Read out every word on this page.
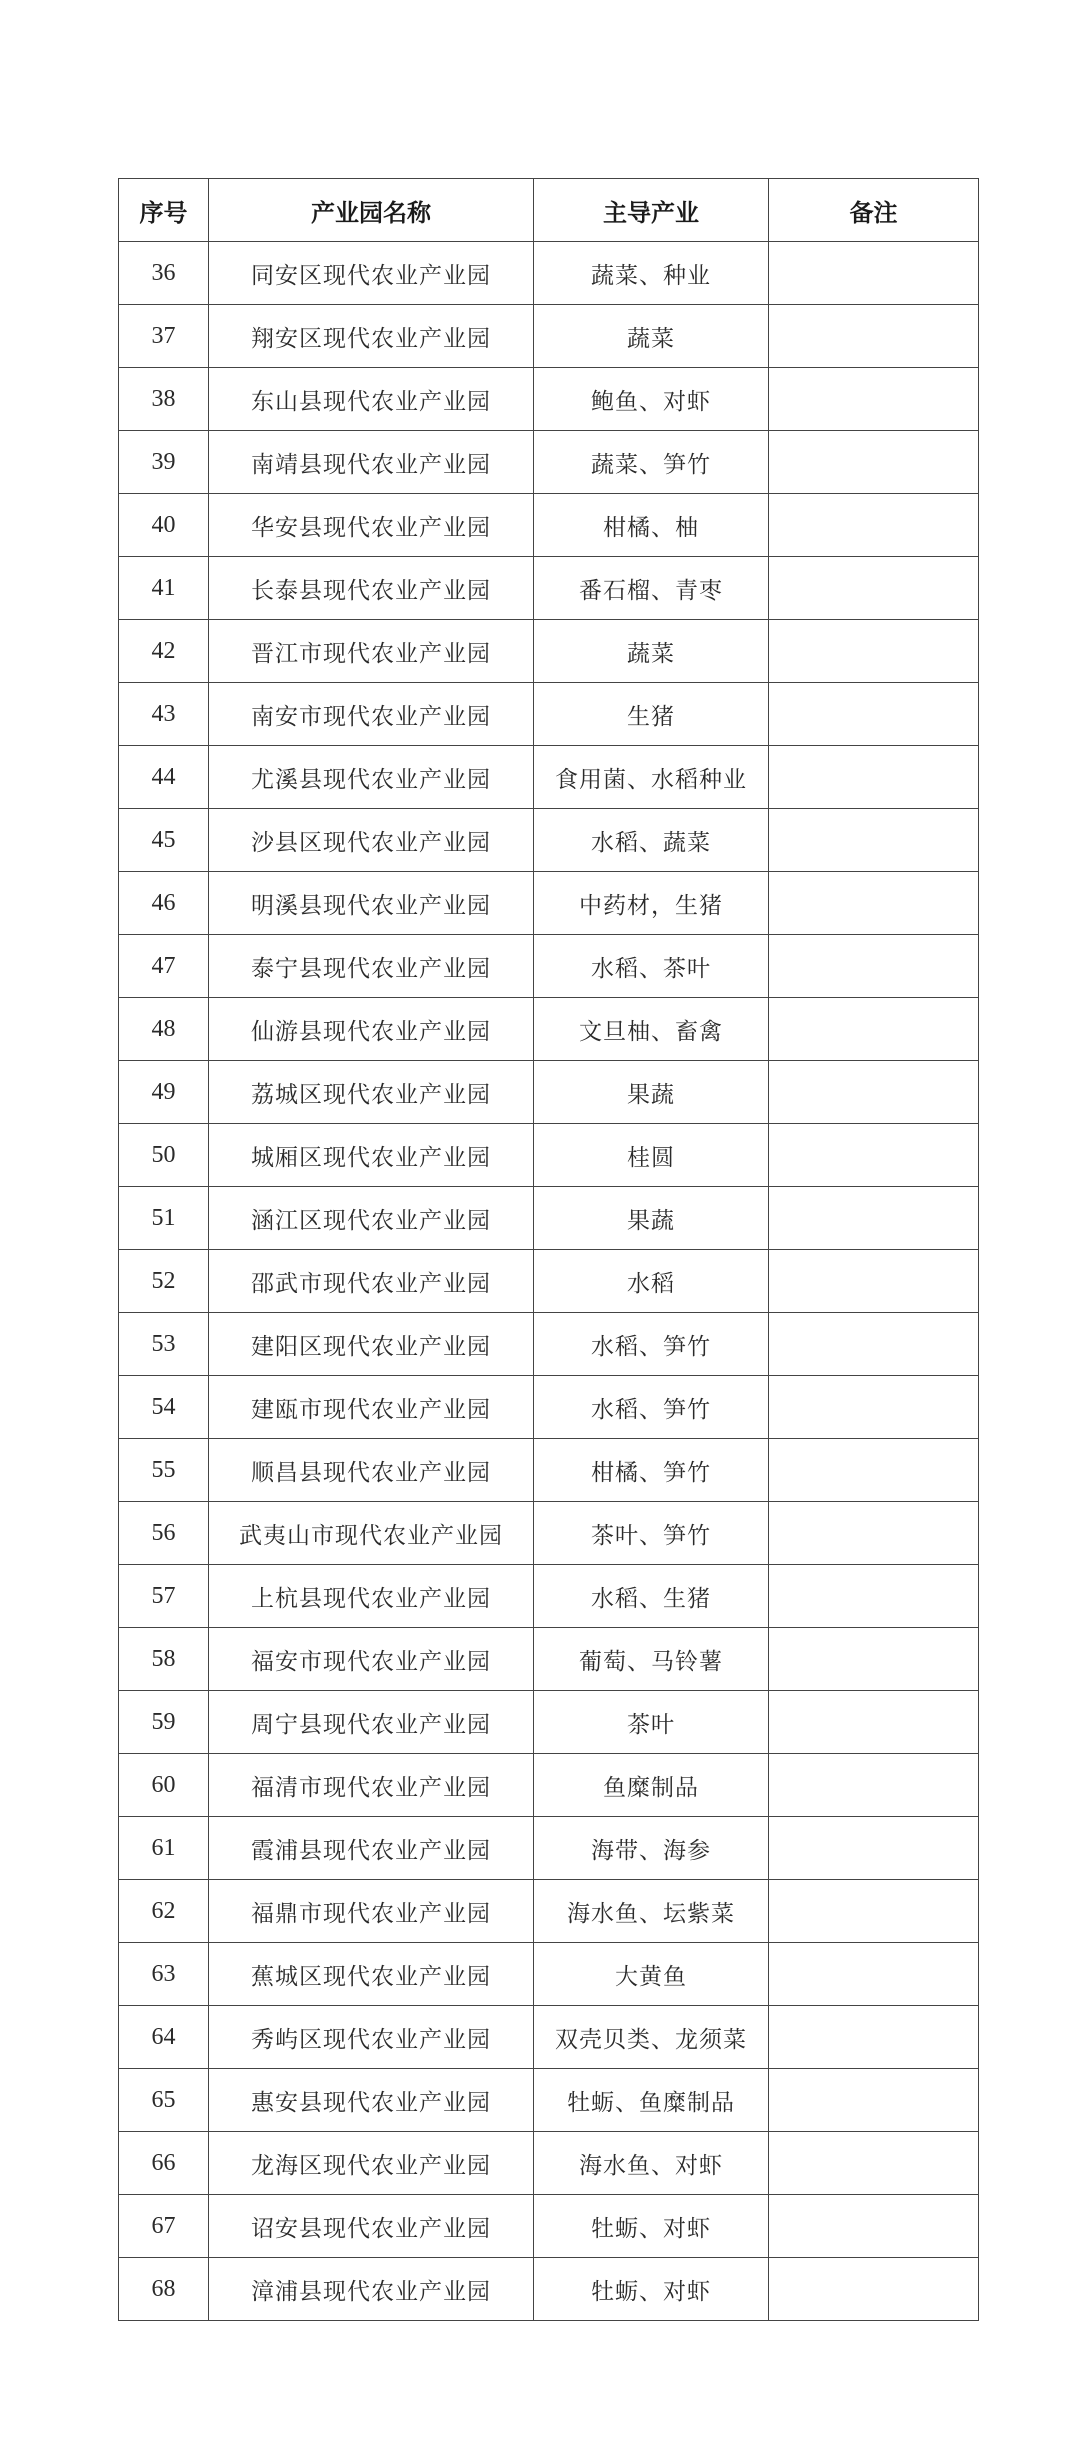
序号	产业园名称	主导产业	备注
36	同安区现代农业产业园	蔬菜、种业	
37	翔安区现代农业产业园	蔬菜	
38	东山县现代农业产业园	鲍鱼、对虾	
39	南靖县现代农业产业园	蔬菜、笋竹	
40	华安县现代农业产业园	柑橘、柚	
41	长泰县现代农业产业园	番石榴、青枣	
42	晋江市现代农业产业园	蔬菜	
43	南安市现代农业产业园	生猪	
44	尤溪县现代农业产业园	食用菌、水稻种业	
45	沙县区现代农业产业园	水稻、蔬菜	
46	明溪县现代农业产业园	中药材，生猪	
47	泰宁县现代农业产业园	水稻、茶叶	
48	仙游县现代农业产业园	文旦柚、畜禽	
49	荔城区现代农业产业园	果蔬	
50	城厢区现代农业产业园	桂圆	
51	涵江区现代农业产业园	果蔬	
52	邵武市现代农业产业园	水稻	
53	建阳区现代农业产业园	水稻、笋竹	
54	建瓯市现代农业产业园	水稻、笋竹	
55	顺昌县现代农业产业园	柑橘、笋竹	
56	武夷山市现代农业产业园	茶叶、笋竹	
57	上杭县现代农业产业园	水稻、生猪	
58	福安市现代农业产业园	葡萄、马铃薯	
59	周宁县现代农业产业园	茶叶	
60	福清市现代农业产业园	鱼糜制品	
61	霞浦县现代农业产业园	海带、海参	
62	福鼎市现代农业产业园	海水鱼、坛紫菜	
63	蕉城区现代农业产业园	大黄鱼	
64	秀屿区现代农业产业园	双壳贝类、龙须菜	
65	惠安县现代农业产业园	牡蛎、鱼糜制品	
66	龙海区现代农业产业园	海水鱼、对虾	
67	诏安县现代农业产业园	牡蛎、对虾	
68	漳浦县现代农业产业园	牡蛎、对虾	
